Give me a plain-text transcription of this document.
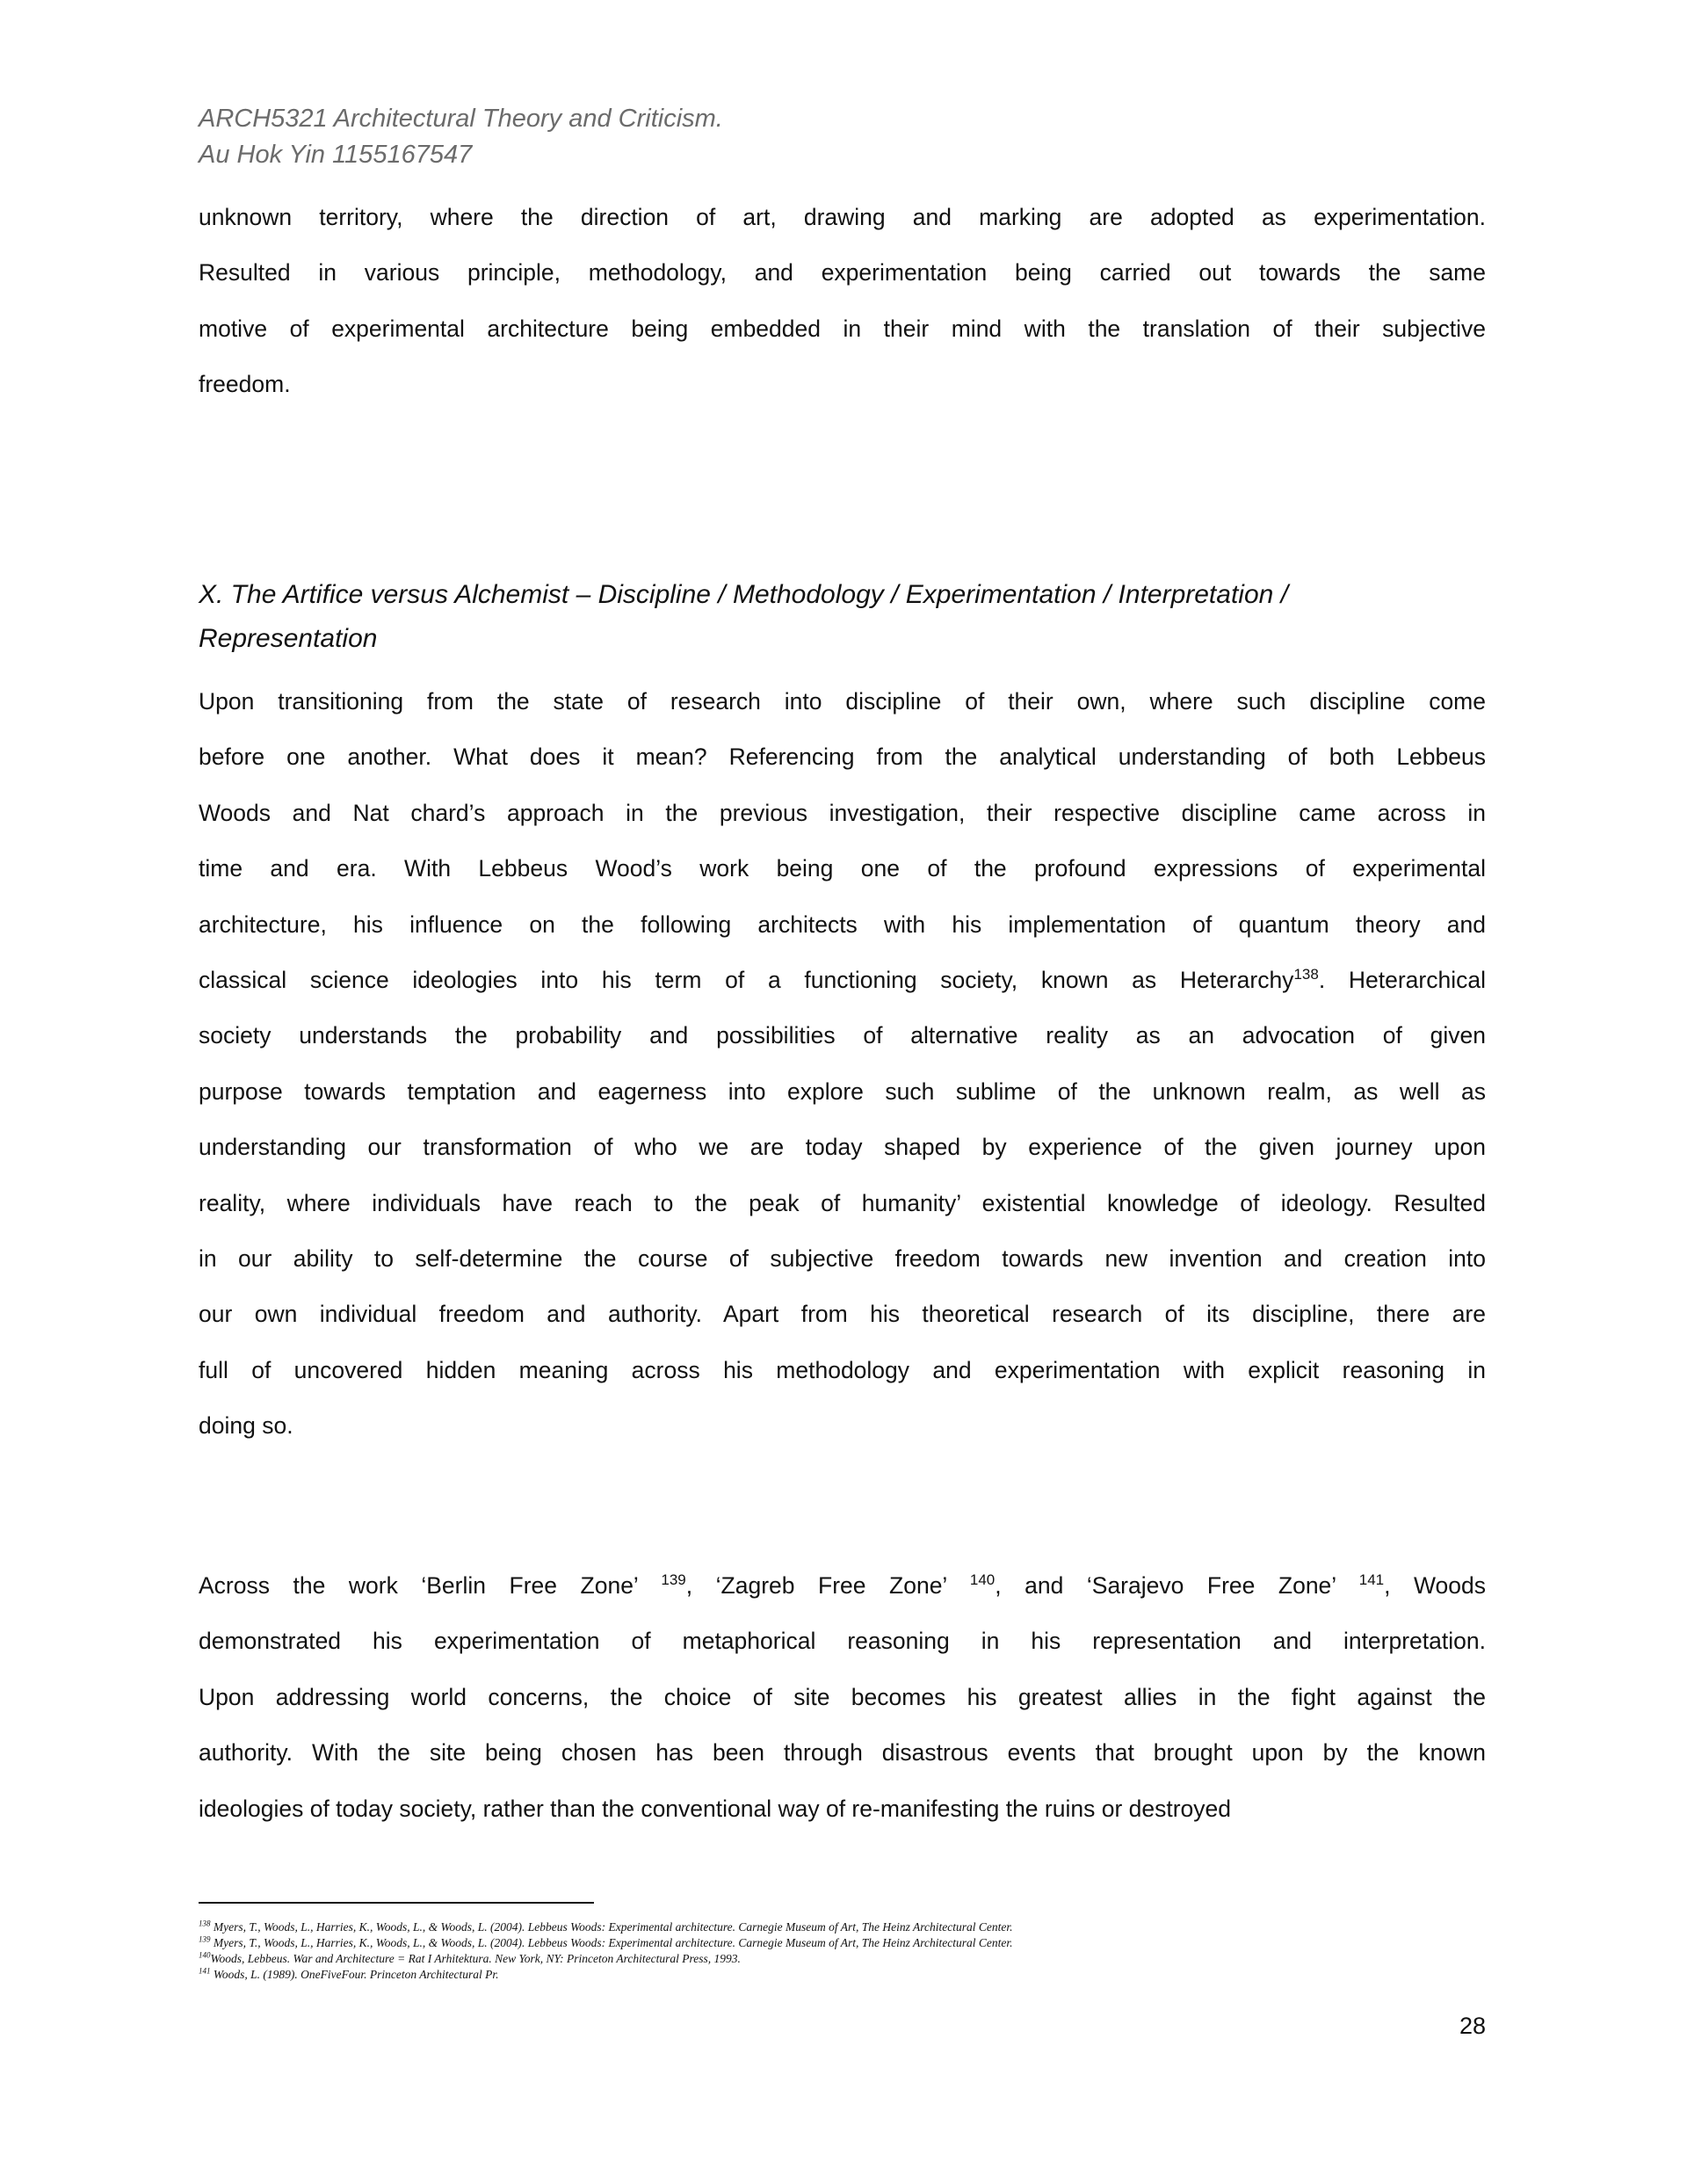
ARCH5321 Architectural Theory and Criticism.
Au Hok Yin 1155167547
unknown territory, where the direction of art, drawing and marking are adopted as experimentation.
Resulted in various principle, methodology, and experimentation being carried out towards the same
motive of experimental architecture being embedded in their mind with the translation of their subjective
freedom.
X. The Artifice versus Alchemist – Discipline / Methodology / Experimentation / Interpretation /
Representation
Upon transitioning from the state of research into discipline of their own, where such discipline come
before one another. What does it mean? Referencing from the analytical understanding of both Lebbeus
Woods and Nat chard’s approach in the previous investigation, their respective discipline came across in
time and era. With Lebbeus Wood’s work being one of the profound expressions of experimental
architecture, his influence on the following architects with his implementation of quantum theory and
classical science ideologies into his term of a functioning society, known as Heterarchy$^{138}$. Heterarchical
society understands the probability and possibilities of alternative reality as an advocation of given
purpose towards temptation and eagerness into explore such sublime of the unknown realm, as well as
understanding our transformation of who we are today shaped by experience of the given journey upon
reality, where individuals have reach to the peak of humanity’ existential knowledge of ideology. Resulted
in our ability to self-determine the course of subjective freedom towards new invention and creation into
our own individual freedom and authority. Apart from his theoretical research of its discipline, there are
full of uncovered hidden meaning across his methodology and experimentation with explicit reasoning in
doing so.
Across the work ‘Berlin Free Zone’ $^{139}$, ‘Zagreb Free Zone’ $^{140}$, and ‘Sarajevo Free Zone’ $^{141}$, Woods
demonstrated his experimentation of metaphorical reasoning in his representation and interpretation.
Upon addressing world concerns, the choice of site becomes his greatest allies in the fight against the
authority. With the site being chosen has been through disastrous events that brought upon by the known
ideologies of today society, rather than the conventional way of re-manifesting the ruins or destroyed
$^{138}$ Myers, T., Woods, L., Harries, K., Woods, L., & Woods, L. (2004). Lebbeus Woods: Experimental architecture. Carnegie Museum of Art, The Heinz Architectural Center.
$^{139}$ Myers, T., Woods, L., Harries, K., Woods, L., & Woods, L. (2004). Lebbeus Woods: Experimental architecture. Carnegie Museum of Art, The Heinz Architectural Center.
$^{140}$Woods, Lebbeus. War and Architecture = Rat I Arhitektura. New York, NY: Princeton Architectural Press, 1993.
$^{141}$ Woods, L. (1989). OneFiveFour. Princeton Architectural Pr.
28
